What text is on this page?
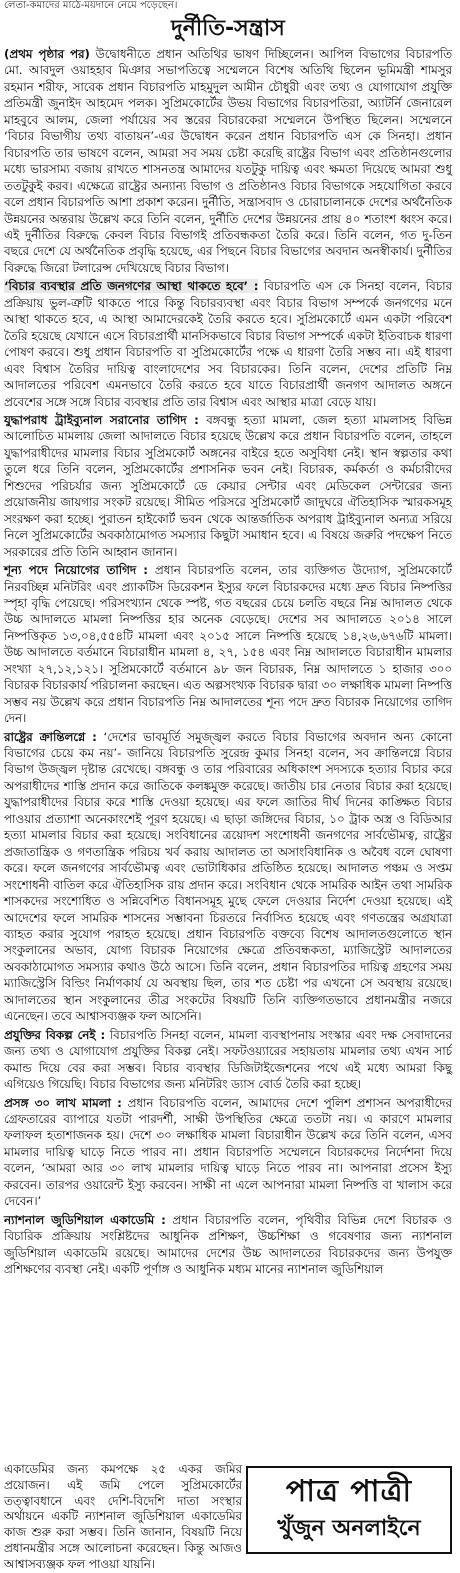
লেতা-কমাদের মাঠে-ময়দানে নেমে পড়েছেন।
দুর্নীতি-সন্ত্রাস

(প্রথম পৃষ্ঠার পর) উদ্বোধনীতে প্রধান অতিথির ভাষণ দিচ্ছিলেন। আপিল বিভাগের বিচারপতি মো. আবদুল ওয়াহহাব মিঞার সভাপতিত্বে সম্মেলনে বিশেষ অতিথি ছিলেন ভূমিমন্ত্রী শামসুর রহমান শরীফ, সাবেক প্রধান বিচারপতি মাহমুদুল আমীন চৌধুরী এবং তথ্য ও যোগাযোগ প্রযুক্তি প্রতিমন্ত্রী জুনাইদ আহমেদ পলক। সুপ্রিমকোর্টের উভয় বিভাগের বিচারপতিরা, অ্যাটর্নি জেনারেল মাহবুবে আলম, জেলা পর্যায়ের সব স্তরের বিচারকেরা সম্মেলনে উপস্থিত ছিলেন। সম্মেলনে ‘বিচার বিভাগীয় তথ্য বাতায়ন’-এর উদ্বোধন করেন প্রধান বিচারপতি এস কে সিনহা। প্রধান বিচারপতি তার ভাষণে বলেন, আমরা সব সময় চেষ্টা করেছি রাষ্ট্রের বিভাগ এবং প্রতিষ্ঠানগুলোর মধ্যে ভারসাম্য বজায় রাখতে শাসনতন্ত্র আমাদের যতটুকু দায়িত্ব এবং ক্ষমতা দিয়েছে আমরা শুধু ততটুকুই করব। এক্ষেত্রে রাষ্ট্রের অন্যান্য বিভাগ ও প্রতিষ্ঠানও বিচার বিভাগকে সহযোগিতা করবে বলে প্রধান বিচারপতি আশা প্রকাশ করেন। দুর্নীতি, সন্ত্রাসবাদ ও চোরাচালানকে দেশের অর্থনৈতিক উন্নয়নের অন্তরায় উল্লেখ করে তিনি বলেন, দুর্নীতি দেশের উন্নয়নের প্রায় ৪০ শতাংশ ধ্বংস করে। এই দুর্নীতির বিরুদ্ধে কেবল বিচার বিভাগই প্রতিবন্ধকতা তৈরি করে। তিনি বলেন, গত দু-তিন বছরে দেশে যে অর্থনৈতিক প্রবৃদ্ধি হয়েছে, এর পিছনে বিচার বিভাগের অবদান অনস্বীকার্য। দুর্নীতির বিরুদ্ধে জিরো টলারেন্স দেখিয়েছে বিচার বিভাগ।

‘বিচার ব্যবস্থার প্রতি জনগণের আস্থা থাকতে হবে’ : বিচারপতি এস কে সিনহা বলেন, বিচার প্রক্রিয়ায় ভুল-ত্রুটি থাকতে পারে কিন্তু বিচারব্যবস্থা এবং বিচার বিভাগ সম্পর্কে জনগণের মনে আস্থা থাকতে হবে, এ আস্থা আমাদেরকেই তৈরি করতে হবে। সুপ্রিমকোর্টে এমন একটা পরিবেশ তৈরি হয়েছে যেখানে এসে বিচারপ্রার্থী মানসিকভাবে বিচার বিভাগ সম্পর্কে একটা ইতিবাচক ধারণা পোষণ করবে। শুধু প্রধান বিচারপতি বা সুপ্রিমকোর্টের পক্ষে এ ধারণা তৈরি সম্ভব না। এই ধারণা এবং বিশ্বাস তৈরির দায়িত্ব বাংলাদেশের সব বিচারকের। তিনি বলেন, দেশের প্রতিটি নিম্ন আদালতের পরিবেশ এমনভাবে তৈরি করতে হবে যাতে বিচারপ্রার্থী জনগণ আদালত অঙ্গনে প্রবেশের সঙ্গে সঙ্গে বিচার ব্যবস্থার প্রতি তার বিশ্বাস এবং আস্থার মাত্রা বেড়ে যায়।

যুদ্ধাপরাধ ট্রাইব্যুনাল সরানোর তাগিদ : বঙ্গবন্ধু হত্যা মামলা, জেল হত্যা মামলাসহ বিভিন্ন আলোচিত মামলায় জেলা আদালতে বিচার হয়েছে উল্লেখ করে প্রধান বিচারপতি বলেন, তাহলে যুদ্ধাপরাধীদের মামলার বিচার সুপ্রিমকোর্ট অঙ্গনের বাইরে হতে অসুবিধা নেই। স্থান স্বল্পতার কথা তুলে ধরে তিনি বলেন, সুপ্রিমকোর্টের প্রশাসনিক ভবন নেই। বিচারক, কর্মকর্তা ও কর্মচারীদের শিশুদের পরিচর্যার জন্য সুপ্রিমকোর্টে ডে কেয়ার সেন্টার এবং মেডিকেল সেন্টারের জন্য প্রয়োজনীয় জায়গার সংকট রয়েছে। সীমিত পরিসরে সুপ্রিমকোর্ট জাদুঘরে ঐতিহাসিক স্মারকসমূহ সংরক্ষণ করা হচ্ছে। পুরাতন হাইকোর্ট ভবন থেকে আন্তর্জাতিক অপরাধ ট্রাইব্যুনাল অন্যত্র সরিয়ে নিলে সুপ্রিমকোর্টের অবকাঠামোগত সমস্যার কিছুটা সমাধান হবে। এ বিষয়ে জরুরি পদক্ষেপ নিতে সরকারের প্রতি তিনি আহ্বান জানান।

শূন্য পদে নিয়োগের তাগিদ : প্রধান বিচারপতি বলেন, তার ব্যক্তিগত উদ্যোগ, সুপ্রিমকোর্টে নিরবচ্ছিন্ন মনিটরিং এবং প্র্যাকটিস ডিরেকশন ইস্যুর ফলে বিচারকদের মধ্যে দ্রুত বিচার নিষ্পত্তির স্পৃহা বৃদ্ধি পেয়েছে। পরিসংখ্যান থেকে স্পষ্ট, গত বছরের চেয়ে চলতি বছরে নিম্ন আদালত থেকে উচ্চ আদালতে মামলা নিষ্পত্তির হার অনেক বেড়েছে। দেশের সব আদালতে ২০১৪ সালে নিষ্পত্তিকৃত ১৩,০৪,৫৫৪টি মামলা এবং ২০১৫ সালে নিষ্পত্তি হয়েছে ১৪,২৬,৬৭৬টি মামলা। উচ্চ আদালতে বর্তমানে বিচারাধীন মামলা ৪, ২৭, ১৫৪ এবং নিম্ন আদালতে বিচারাধীন মামলার সংখ্যা ২৭,১২,১২১। সুপ্রিমকোর্টে বর্তমানে ৯৮ জন বিচারক, নিম্ন আদালতে ১ হাজার ৩০০ বিচারক বিচারকার্য পরিচালনা করছেন। এত অল্পসংখ্যক বিচারক দ্বারা ৩০ লক্ষাধিক মামলা নিষ্পত্তি সম্ভব নয় উল্লেখ করে প্রধান বিচারপতি নিম্ন আদালতের শূন্য পদে দ্রুত বিচারক নিয়োগের তাগিদ দেন।

রাষ্ট্রের ক্রান্তিলগ্নে : ‘দেশের ভাবমূর্তি সমুজ্জ্বল করতে বিচার বিভাগের অবদান অন্য কোনো বিভাগের চেয়ে কম নয়’- জানিয়ে বিচারপতি সুরেন্দ্র কুমার সিনহা বলেন, সব ক্রান্তিলগ্নে বিচার বিভাগ উজ্জ্বল দৃষ্টান্ত রেখেছে। বঙ্গবন্ধু ও তার পরিবারের অধিকাংশ সদস্যকে হত্যার বিচার করে অপরাধীদের শাস্তি প্রদান করে জাতিকে কলঙ্কমুক্ত করেছে। জাতীয় চার নেতার বিচার করা হয়েছে। যুদ্ধাপরাধীদের বিচার করে শাস্তি দেওয়া হয়েছে। এর ফলে জাতির দীর্ঘ দিনের কাঙ্ক্ষিত বিচার পাওয়ার প্রত্যাশা অনেকাংশেই পূরণ হয়েছে। এ ছাড়া জঙ্গিদের বিচার, ১০ ট্রাক অস্ত্র ও বিডিআর হত্যা মামলার বিচার করা হয়েছে। সংবিধানের ত্রয়োদশ সংশোধনী জনগণের সার্বভৌমত্ব, রাষ্ট্রের প্রজাতান্ত্রিক ও গণতান্ত্রিক পরিচয় খর্ব করায় আদালত তা অসাংবিধানিক ও অবৈধ বলে ঘোষণা করে। ফলে জনগণের সার্বভৌমত্ব এবং ভোটাধিকার প্রতিষ্ঠিত হয়েছে। আদালত পঞ্চম ও সপ্তম সংশোধনী বাতিল করে ঐতিহাসিক রায় প্রদান করে। সংবিধান থেকে সামরিক আইন তথা সামরিক শাসকদের সংশোধিত ও সন্নিবেশিত বিধানসমূহ মুছে ফেলে দেওয়ার নির্দেশ দেওয়া হয়েছে। এই আদেশের ফলে সামরিক শাসনের সম্ভাবনা চিরতরে নির্বাসিত হয়েছে এবং গণতন্ত্রের অগ্রযাত্রা ব্যাহত করার সুযোগ পরাহত হয়েছে। প্রধান বিচারপতি বক্তব্যে বিশেষ আদালতগুলোতে স্থান সংকুলানের অভাব, যোগ্য বিচারক নিয়োগের ক্ষেত্রে প্রতিবন্ধকতা, ম্যাজিস্ট্রেট আদালতের অবকাঠামোগত সমস্যার কথাও উঠে আসে। তিনি বলেন, প্রধান বিচারপতির দায়িত্ব গ্রহণের সময় ম্যাজিস্ট্রেসি বিল্ডিং নির্মাণকার্য যে অবস্থায় ছিল, তার শত চেষ্টা পর এখনো সে অবস্থায় রয়েছে। আদালতের স্থান সংকুলানের তীব্র সংকটের বিষয়টি তিনি ব্যক্তিগতভাবে প্রধানমন্ত্রীর নজরে এনেছেন। তবে আশ্বাসব্যঞ্জক ফল আসেনি।

প্রযুক্তির বিকল্প নেই : বিচারপতি সিনহা বলেন, মামলা ব্যবস্থাপনায় সংস্কার এবং দক্ষ সেবাদানের জন্য তথ্য ও যোগাযোগ প্রযুক্তির বিকল্প নেই। সফটওয়্যারের সহায়তায় মামলার তথ্য এখন সার্চ কমান্ড দিয়ে বের করা সম্ভব। বিচার ব্যবস্থার ডিজিটাইজেশনের পথে এই মধ্যে আমরা কিছু এগিয়েও গিয়েছি। বিচার বিভাগের জন্য মনিটরিং ড্যাস বোর্ড তৈরি করা হচ্ছে।

প্রসঙ্গ ৩০ লাখ মামলা : প্রধান বিচারপতি বলেন, আমাদের দেশে পুলিশ প্রশাসন অপরাধীদের গ্রেফতারের ব্যাপারে যতটা পারদর্শী, সাক্ষী উপস্থিতির ক্ষেত্রে ততটা নয়। এ কারণে মামলার ফলাফল হতাশাজনক হয়। দেশে ৩০ লক্ষাধিক মামলা বিচারাধীন উল্লেখ করে তিনি বলেন, এসব মামলার দায়িত্ব ঘাড়ে নিতে পারব না। প্রধান বিচারপতি সম্মেলনে বিচারকদের নির্দেশনা দিয়ে বলেন, ‘আমরা আর ৩০ লাখ মামলার দায়িত্ব ঘাড়ে নিতে পারব না। আপনারা প্রসেস ইস্যু করবেন। তারপর ওয়ারেন্ট ইস্যু করবেন। সাক্ষী না এলে আপনারা মামলা নিষ্পত্তি বা খালাস করে দেবেন।’

ন্যাশনাল জুডিশিয়াল একাডেমি : প্রধান বিচারপতি বলেন, পৃথিবীর বিভিন্ন দেশে বিচারক ও বিচারিক প্রক্রিয়ায় সংশ্লিষ্টদের আধুনিক প্রশিক্ষণ, উচ্চশিক্ষা ও গবেষণার জন্য ন্যাশনাল জুডিশিয়াল একাডেমি রয়েছে। আমাদের দেশের উচ্চ আদালতের বিচারকদের জন্য উপযুক্ত প্রশিক্ষণের ব্যবস্থা নেই। একটি পূর্ণাঙ্গ ও আধুনিক মধ্যম মানের ন্যাশনাল জুডিশিয়াল

একাডেমির জন্য কমপক্ষে ২৫ একর জমির প্রয়োজন। এই জমি পেলে সুপ্রিমকোর্টের তত্ত্বাবধানে এবং দেশি-বিদেশি দাতা সংস্থার অর্থায়নে একটি ন্যাশনাল জুডিশিয়াল একাডেমির কাজ শুরু করা সম্ভব। তিনি জানান, বিষয়টি নিয়ে প্রধানমন্ত্রীর সঙ্গে আলোচনা করেছেন। কিন্তু আজও আশ্বাসব্যঞ্জক ফল পাওয়া যায়নি।
পাত্র পাত্রী
খুঁজুন অনলাইনে
